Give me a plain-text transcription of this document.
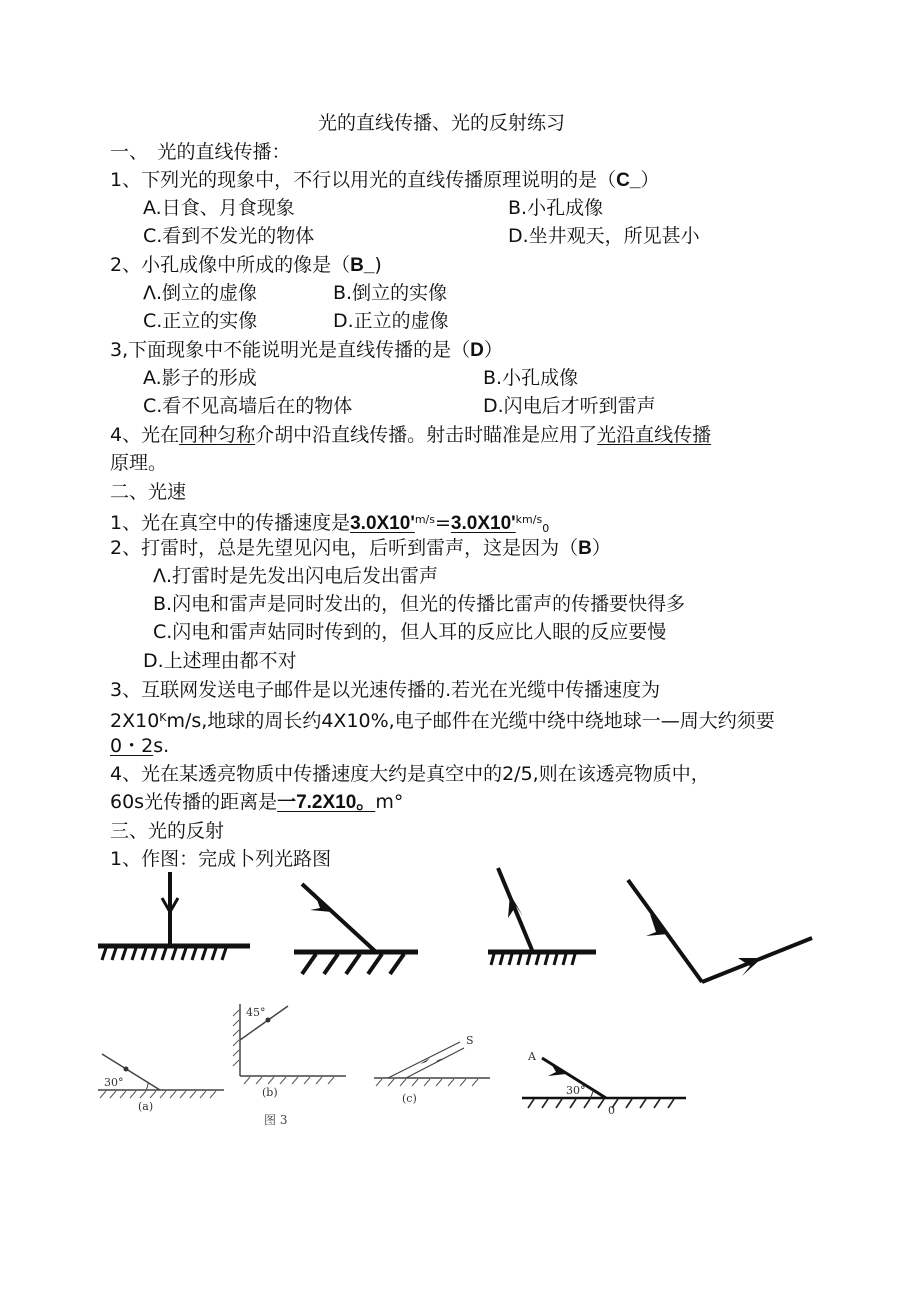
光的直线传播、光的反射练习
一、　光的直线传播：
1、下列光的现象中，不行以用光的直线传播原理说明的是（C_）
A.日食、月食现象	B.小孔成像
C.看到不发光的物体	D.坐井观天，所见甚小
2、小孔成像中所成的像是（B_)
Λ.倒立的虚像	B.倒立的实像
C.正立的实像	D.正立的虚像
3,下面现象中不能说明光是直线传播的是（D）
A.影子的形成	B.小孔成像
C.看不见高墙后在的物体	D.闪电后才听到雷声
4、光在同种匀称介胡中沿直线传播。射击时瞄准是应用了光沿直线传播
原理。
二、光速
1、光在真空中的传播速度是$3.0X10'^{m∕s}=3.0X10'^{km∕s}_0$
2、打雷时，总是先望见闪电，后听到雷声，这是因为（B）
Λ.打雷时是先发出闪电后发出雷声
B.闪电和雷声是同时发出的，但光的传播比雷声的传播要快得多
C.闪电和雷声姑同时传到的，但人耳的反应比人眼的反应要慢
D.上述理由都不对
3、互联网发送电子邮件是以光速传播的.若光在光缆中传播速度为
$2X10^Km∕s$,地球的周长约4X10%,电子邮件在光缆中绕中绕地球一—周大约须要
0・2s.
4、光在某透亮物质中传播速度大约是真空中的2/5,则在该透亮物质中，
60s光传播的距离是一7.2X10。m°
三、光的反射
1、作图：完成卜列光路图
30°
(a)
45°
(b)
S
(c)
A
30°
0
图 3
